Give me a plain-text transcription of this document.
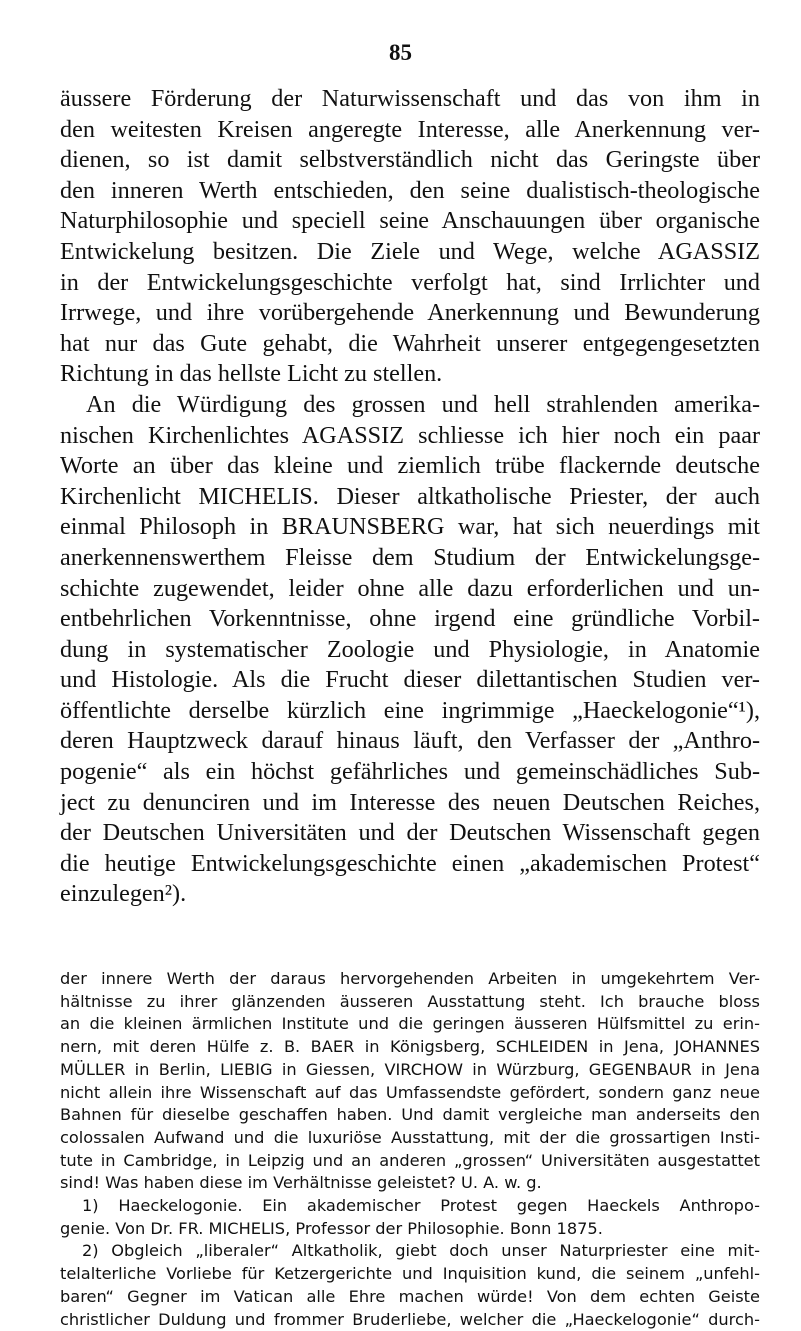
85
äussere Förderung der Naturwissenschaft und das von ihm in
den weitesten Kreisen angeregte Interesse, alle Anerkennung ver-
dienen, so ist damit selbstverständlich nicht das Geringste über
den inneren Werth entschieden, den seine dualistisch-theologische
Naturphilosophie und speciell seine Anschauungen über organische
Entwickelung besitzen. Die Ziele und Wege, welche AGASSIZ
in der Entwickelungsgeschichte verfolgt hat, sind Irrlichter und
Irrwege, und ihre vorübergehende Anerkennung und Bewunderung
hat nur das Gute gehabt, die Wahrheit unserer entgegengesetzten
Richtung in das hellste Licht zu stellen.
An die Würdigung des grossen und hell strahlenden amerika-
nischen Kirchenlichtes AGASSIZ schliesse ich hier noch ein paar
Worte an über das kleine und ziemlich trübe flackernde deutsche
Kirchenlicht MICHELIS. Dieser altkatholische Priester, der auch
einmal Philosoph in BRAUNSBERG war, hat sich neuerdings mit
anerkennenswerthem Fleisse dem Studium der Entwickelungsge-
schichte zugewendet, leider ohne alle dazu erforderlichen und un-
entbehrlichen Vorkenntnisse, ohne irgend eine gründliche Vorbil-
dung in systematischer Zoologie und Physiologie, in Anatomie
und Histologie. Als die Frucht dieser dilettantischen Studien ver-
öffentlichte derselbe kürzlich eine ingrimmige „Haeckelogonie“¹),
deren Hauptzweck darauf hinaus läuft, den Verfasser der „Anthro-
pogenie“ als ein höchst gefährliches und gemeinschädliches Sub-
ject zu denunciren und im Interesse des neuen Deutschen Reiches,
der Deutschen Universitäten und der Deutschen Wissenschaft gegen
die heutige Entwickelungsgeschichte einen „akademischen Protest“
einzulegen²).
der innere Werth der daraus hervorgehenden Arbeiten in umgekehrtem Ver-
hältnisse zu ihrer glänzenden äusseren Ausstattung steht. Ich brauche bloss
an die kleinen ärmlichen Institute und die geringen äusseren Hülfsmittel zu erin-
nern, mit deren Hülfe z. B. BAER in Königsberg, SCHLEIDEN in Jena, JOHANNES
MÜLLER in Berlin, LIEBIG in Giessen, VIRCHOW in Würzburg, GEGENBAUR in Jena
nicht allein ihre Wissenschaft auf das Umfassendste gefördert, sondern ganz neue
Bahnen für dieselbe geschaffen haben. Und damit vergleiche man anderseits den
colossalen Aufwand und die luxuriöse Ausstattung, mit der die grossartigen Insti-
tute in Cambridge, in Leipzig und an anderen „grossen“ Universitäten ausgestattet
sind! Was haben diese im Verhältnisse geleistet? U. A. w. g.
1) Haeckelogonie. Ein akademischer Protest gegen Haeckels Anthropo-
genie. Von Dr. FR. MICHELIS, Professor der Philosophie. Bonn 1875.
2) Obgleich „liberaler“ Altkatholik, giebt doch unser Naturpriester eine mit-
telalterliche Vorliebe für Ketzergerichte und Inquisition kund, die seinem „unfehl-
baren“ Gegner im Vatican alle Ehre machen würde! Von dem echten Geiste
christlicher Duldung und frommer Bruderliebe, welcher die „Haeckelogonie“ durch-
